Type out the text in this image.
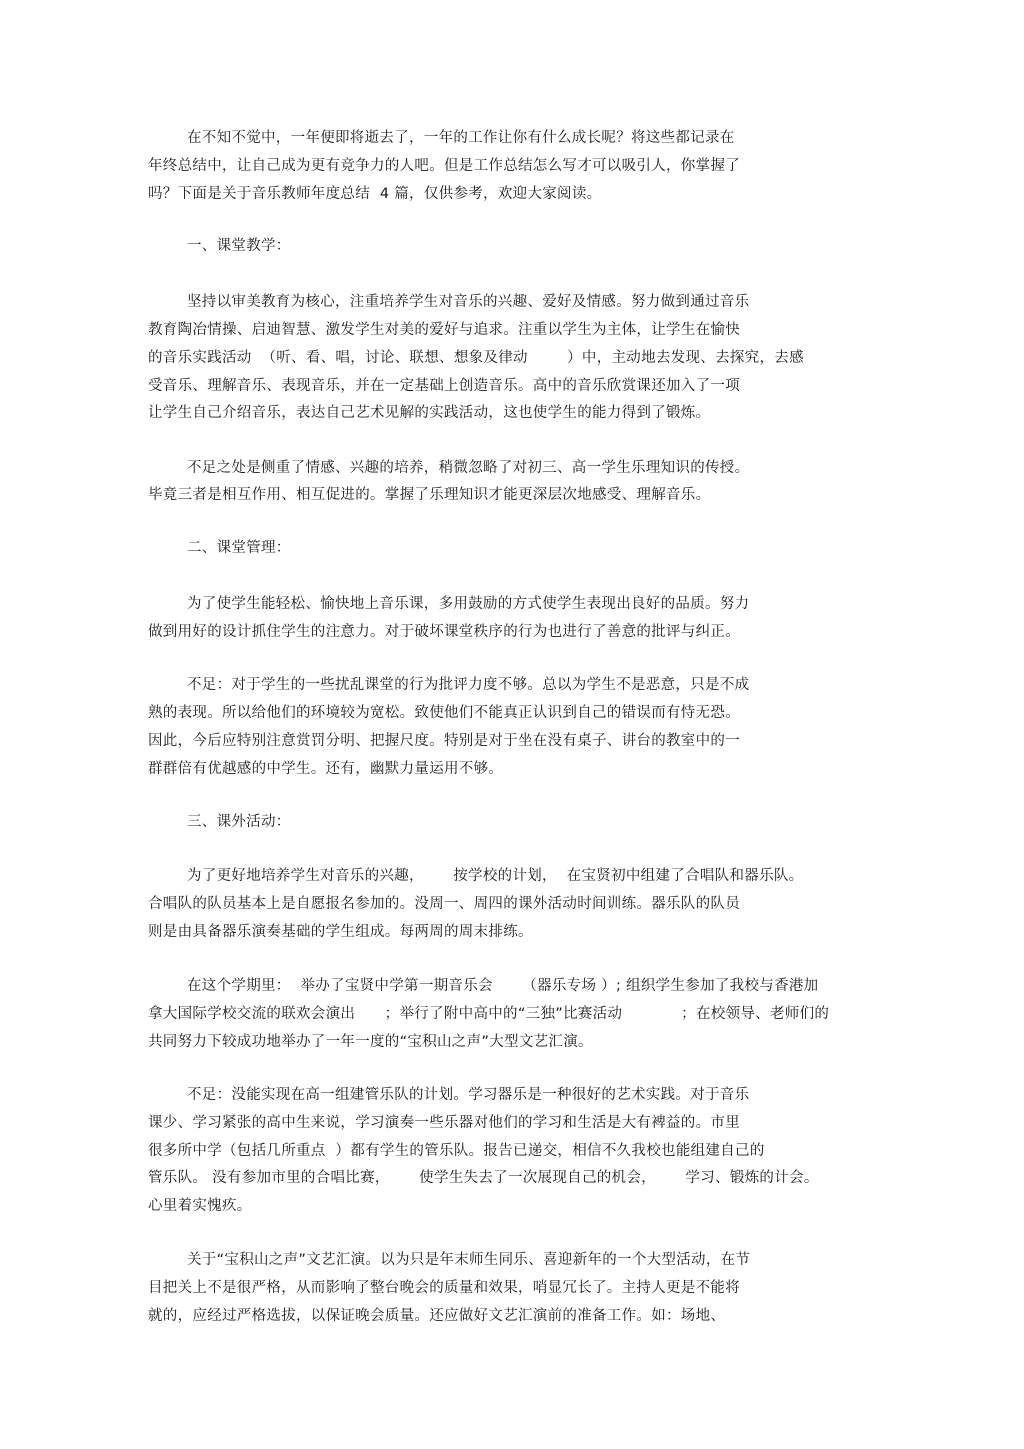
在不知不觉中，一年便即将逝去了，一年的工作让你有什么成长呢？将这些都记录在
年终总结中，让自己成为更有竞争力的人吧。但是工作总结怎么写才可以吸引人，你掌握了
吗？下面是关于音乐教师年度总结  4 篇，仅供参考，欢迎大家阅读。
一、课堂教学：
坚持以审美教育为核心，注重培养学生对音乐的兴趣、爱好及情感。努力做到通过音乐
教育陶冶情操、启迪智慧、激发学生对美的爱好与追求。注重以学生为主体，让学生在愉快
的音乐实践活动  （听、看、唱，讨论、联想、想象及律动        ）中，主动地去发现、去探究，去感
受音乐、理解音乐、表现音乐，并在一定基础上创造音乐。高中的音乐欣赏课还加入了一项
让学生自己介绍音乐，表达自己艺术见解的实践活动，这也使学生的能力得到了锻炼。
不足之处是侧重了情感、兴趣的培养，稍微忽略了对初三、高一学生乐理知识的传授。
毕竟三者是相互作用、相互促进的。掌握了乐理知识才能更深层次地感受、理解音乐。
二、课堂管理：
为了使学生能轻松、愉快地上音乐课，多用鼓励的方式使学生表现出良好的品质。努力
做到用好的设计抓住学生的注意力。对于破坏课堂秩序的行为也进行了善意的批评与纠正。
不足：对于学生的一些扰乱课堂的行为批评力度不够。总以为学生不是恶意，只是不成
熟的表现。所以给他们的环境较为宽松。致使他们不能真正认识到自己的错误而有恃无恐。
因此，今后应特别注意赏罚分明、把握尺度。特别是对于坐在没有桌子、讲台的教室中的一
群群倍有优越感的中学生。还有，幽默力量运用不够。
三、课外活动：
为了更好地培养学生对音乐的兴趣，      按学校的计划，  在宝贤初中组建了合唱队和器乐队。
合唱队的队员基本上是自愿报名参加的。没周一、周四的课外活动时间训练。器乐队的队员
则是由具备器乐演奏基础的学生组成。每两周的周末排练。
在这个学期里：  举办了宝贤中学第一期音乐会      （器乐专场 ）; 组织学生参加了我校与香港加
拿大国际学校交流的联欢会演出      ；举行了附中高中的“三独”比赛活动            ；在校领导、老师们的
共同努力下较成功地举办了一年一度的“宝积山之声”大型文艺汇演。
不足：没能实现在高一组建管乐队的计划。学习器乐是一种很好的艺术实践。对于音乐
课少、学习紧张的高中生来说，学习演奏一些乐器对他们的学习和生活是大有裨益的。市里
很多所中学（包括几所重点  ）都有学生的管乐队。报告已递交，相信不久我校也能组建自己的
管乐队。 没有参加市里的合唱比赛，      使学生失去了一次展现自己的机会，      学习、锻炼的计会。
心里着实愧疚。
关于“宝积山之声”文艺汇演。以为只是年末师生同乐、喜迎新年的一个大型活动，在节
目把关上不是很严格，从而影响了整台晚会的质量和效果，哨显冗长了。主持人更是不能将
就的，应经过严格选拔，以保证晚会质量。还应做好文艺汇演前的准备工作。如：场地、
